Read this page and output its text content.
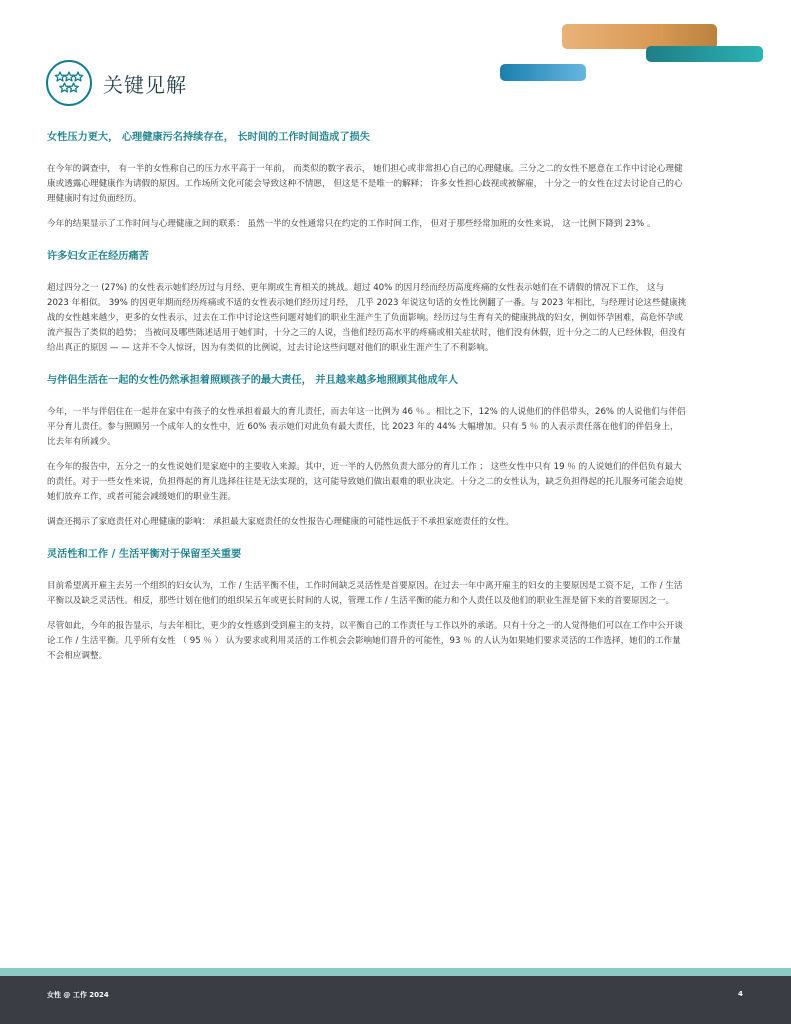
关键见解
女性压力更大， 心理健康污名持续存在， 长时间的工作时间造成了损失

在今年的调查中， 有一半的女性称自己的压力水平高于一年前， 而类似的数字表示， 她们担心或非常担心自己的心理健康。三分之二的女性不愿意在工作中讨论心理健康或透露心理健康作为请假的原因。工作场所文化可能会导致这种不情愿， 但这是不是唯一的解释； 许多女性担心歧视或被解雇， 十分之一的女性在过去讨论自己的心理健康时有过负面经历。

今年的结果显示了工作时间与心理健康之间的联系： 虽然一半的女性通常只在约定的工作时间工作， 但对于那些经常加班的女性来说， 这一比例下降到 23% 。

许多妇女正在经历痛苦

超过四分之一 (27%) 的女性表示她们经历过与月经、更年期或生育相关的挑战。超过 40% 的因月经而经历高度疼痛的女性表示她们在不请假的情况下工作， 这与 2023 年相似。 39% 的因更年期而经历疼痛或不适的女性表示她们经历过月经， 几乎 2023 年说这句话的女性比例翻了一番。与 2023 年相比，与经理讨论这些健康挑战的女性越来越少，更多的女性表示，过去在工作中讨论这些问题对她们的职业生涯产生了负面影响。经历过与生育有关的健康挑战的妇女，例如怀孕困难，高危怀孕或流产报告了类似的趋势； 当被问及哪些陈述适用于她们时，十分之三的人说，当他们经历高水平的疼痛或相关症状时，他们没有休假，近十分之二的人已经休假，但没有给出真正的原因 — — 这并不令人惊讶，因为有类似的比例说，过去讨论这些问题对他们的职业生涯产生了不利影响。

与伴侣生活在一起的女性仍然承担着照顾孩子的最大责任， 并且越来越多地照顾其他成年人

今年，一半与伴侣住在一起并在家中有孩子的女性承担着最大的育儿责任，而去年这一比例为 46 ％ 。相比之下，12% 的人说他们的伴侣带头，26% 的人说他们与伴侣平分育儿责任。参与照顾另一个成年人的女性中，近 60% 表示她们对此负有最大责任，比 2023 年的 44% 大幅增加。只有 5 ％ 的人表示责任落在他们的伴侣身上，比去年有所减少。

在今年的报告中，五分之一的女性说她们是家庭中的主要收入来源。其中，近一半的人仍然负责大部分的育儿工作 ； 这些女性中只有 19 ％ 的人说她们的伴侣负有最大的责任。对于一些女性来说，负担得起的育儿选择往往是无法实现的，这可能导致她们做出艰难的职业决定。十分之二的女性认为，缺乏负担得起的托儿服务可能会迫使她们放弃工作，或者可能会减缓她们的职业生涯。

调查还揭示了家庭责任对心理健康的影响： 承担最大家庭责任的女性报告心理健康的可能性远低于不承担家庭责任的女性。

灵活性和工作 / 生活平衡对于保留至关重要

目前希望离开雇主去另一个组织的妇女认为，工作 / 生活平衡不佳，工作时间缺乏灵活性是首要原因。在过去一年中离开雇主的妇女的主要原因是工资不足，工作 / 生活平衡以及缺乏灵活性。相反，那些计划在他们的组织呆五年或更长时间的人说，管理工作 / 生活平衡的能力和个人责任以及他们的职业生涯是留下来的首要原因之一。

尽管如此，今年的报告显示，与去年相比，更少的女性感到受到雇主的支持，以平衡自己的工作责任与工作以外的承诺。只有十分之一的人觉得他们可以在工作中公开谈论工作 / 生活平衡。几乎所有女性 （ 95 ％ ） 认为要求或利用灵活的工作机会会影响她们晋升的可能性，93 ％ 的人认为如果她们要求灵活的工作选择，她们的工作量不会相应调整。

女性 @ 工作 2024	4
